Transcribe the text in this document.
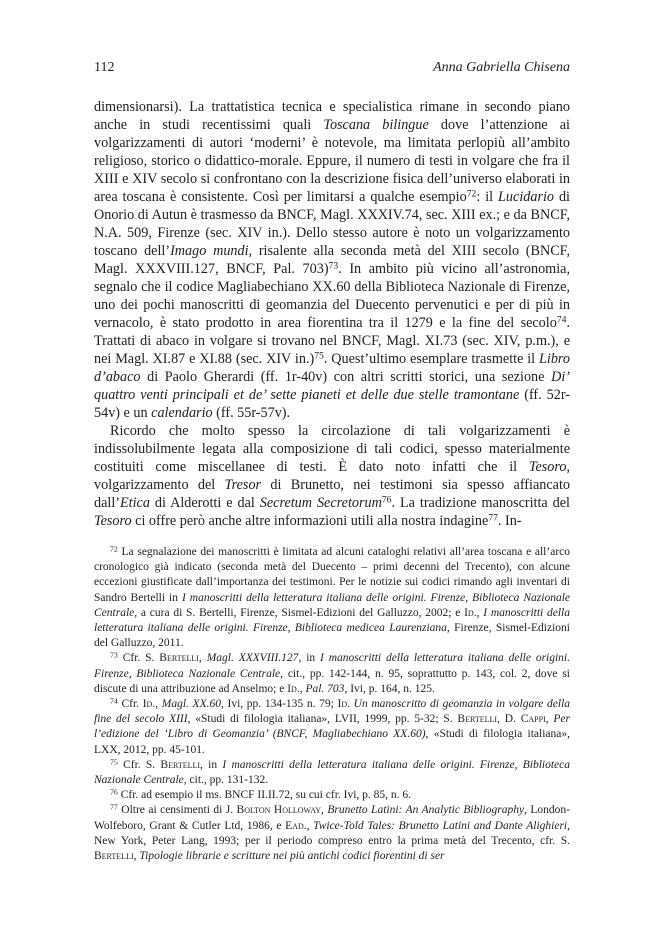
112	Anna Gabriella Chisena

dimensionarsi). La trattatistica tecnica e specialistica rimane in secondo piano anche in studi recentissimi quali Toscana bilingue dove l’attenzione ai volgarizzamenti di autori ‘moderni’ è notevole, ma limitata perlopiù all’ambito religioso, storico o didattico-morale. Eppure, il numero di testi in volgare che fra il XIII e XIV secolo si confrontano con la descrizione fisica dell’universo elaborati in area toscana è consistente. Così per limitarsi a qualche esempio$^{72}$: il Lucidario di Onorio di Autun è trasmesso da BNCF, Magl. XXXIV.74, sec. XIII ex.; e da BNCF, N.A. 509, Firenze (sec. XIV in.). Dello stesso autore è noto un volgarizzamento toscano dell’Imago mundi, risalente alla seconda metà del XIII secolo (BNCF, Magl. XXXVIII.127, BNCF, Pal. 703)$^{73}$. In ambito più vicino all’astronomia, segnalo che il codice Magliabechiano XX.60 della Biblioteca Nazionale di Firenze, uno dei pochi manoscritti di geomanzia del Duecento pervenutici e per di più in vernacolo, è stato prodotto in area fiorentina tra il 1279 e la fine del secolo$^{74}$. Trattati di abaco in volgare si trovano nel BNCF, Magl. XI.73 (sec. XIV, p.m.), e nei Magl. XI.87 e XI.88 (sec. XIV in.)$^{75}$. Quest’ultimo esemplare trasmette il Libro d’abaco di Paolo Gherardi (ff. 1r-40v) con altri scritti storici, una sezione Di’ quattro venti principali et de’ sette pianeti et delle due stelle tramontane (ff. 52r-54v) e un calendario (ff. 55r-57v).

Ricordo che molto spesso la circolazione di tali volgarizzamenti è indissolubilmente legata alla composizione di tali codici, spesso materialmente costituiti come miscellanee di testi. È dato noto infatti che il Tesoro, volgarizzamento del Tresor di Brunetto, nei testimoni sia spesso affiancato dall’Etica di Alderotti e dal Secretum Secretorum$^{76}$. La tradizione manoscritta del Tesoro ci offre però anche altre informazioni utili alla nostra indagine$^{77}$. In-

$^{72}$ La segnalazione dei manoscritti è limitata ad alcuni cataloghi relativi all’area toscana e all’arco cronologico già indicato (seconda metà del Duecento – primi decenni del Trecento), con alcune eccezioni giustificate dall’importanza dei testimoni. Per le notizie sui codici rimando agli inventari di Sandro Bertelli in I manoscritti della letteratura italiana delle origini. Firenze, Biblioteca Nazionale Centrale, a cura di S. Bertelli, Firenze, Sismel-Edizioni del Galluzzo, 2002; e Id., I manoscritti della letteratura italiana delle origini. Firenze, Biblioteca medicea Laurenziana, Firenze, Sismel-Edizioni del Galluzzo, 2011.

$^{73}$ Cfr. S. Bertelli, Magl. XXXVIII.127, in I manoscritti della letteratura italiana delle origini. Firenze, Biblioteca Nazionale Centrale, cit., pp. 142-144, n. 95, soprattutto p. 143, col. 2, dove si discute di una attribuzione ad Anselmo; e Id., Pal. 703, Ivi, p. 164, n. 125.

$^{74}$ Cfr. Id., Magl. XX.60, Ivi, pp. 134-135 n. 79; Id. Un manoscritto di geomanzia in volgare della fine del secolo XIII, «Studi di filologia italiana», LVII, 1999, pp. 5-32; S. Bertelli, D. Cappi, Per l’edizione del ‘Libro di Geomanzia’ (BNCF, Magliabechiano XX.60), «Studi di filologia italiana», LXX, 2012, pp. 45-101.

$^{75}$ Cfr. S. Bertelli, in I manoscritti della letteratura italiana delle origini. Firenze, Biblioteca Nazionale Centrale, cit., pp. 131-132.

$^{76}$ Cfr. ad esempio il ms. BNCF II.II.72, su cui cfr. Ivi, p. 85, n. 6.

$^{77}$ Oltre ai censimenti di J. Bolton Holloway, Brunetto Latini: An Analytic Bibliography, London-Wolfeboro, Grant & Cutler Ltd, 1986, e Ead., Twice-Told Tales: Brunetto Latini and Dante Alighieri, New York, Peter Lang, 1993; per il periodo compreso entro la prima metà del Trecento, cfr. S. Bertelli, Tipologie librarie e scritture nei più antichi codici fiorentini di ser
